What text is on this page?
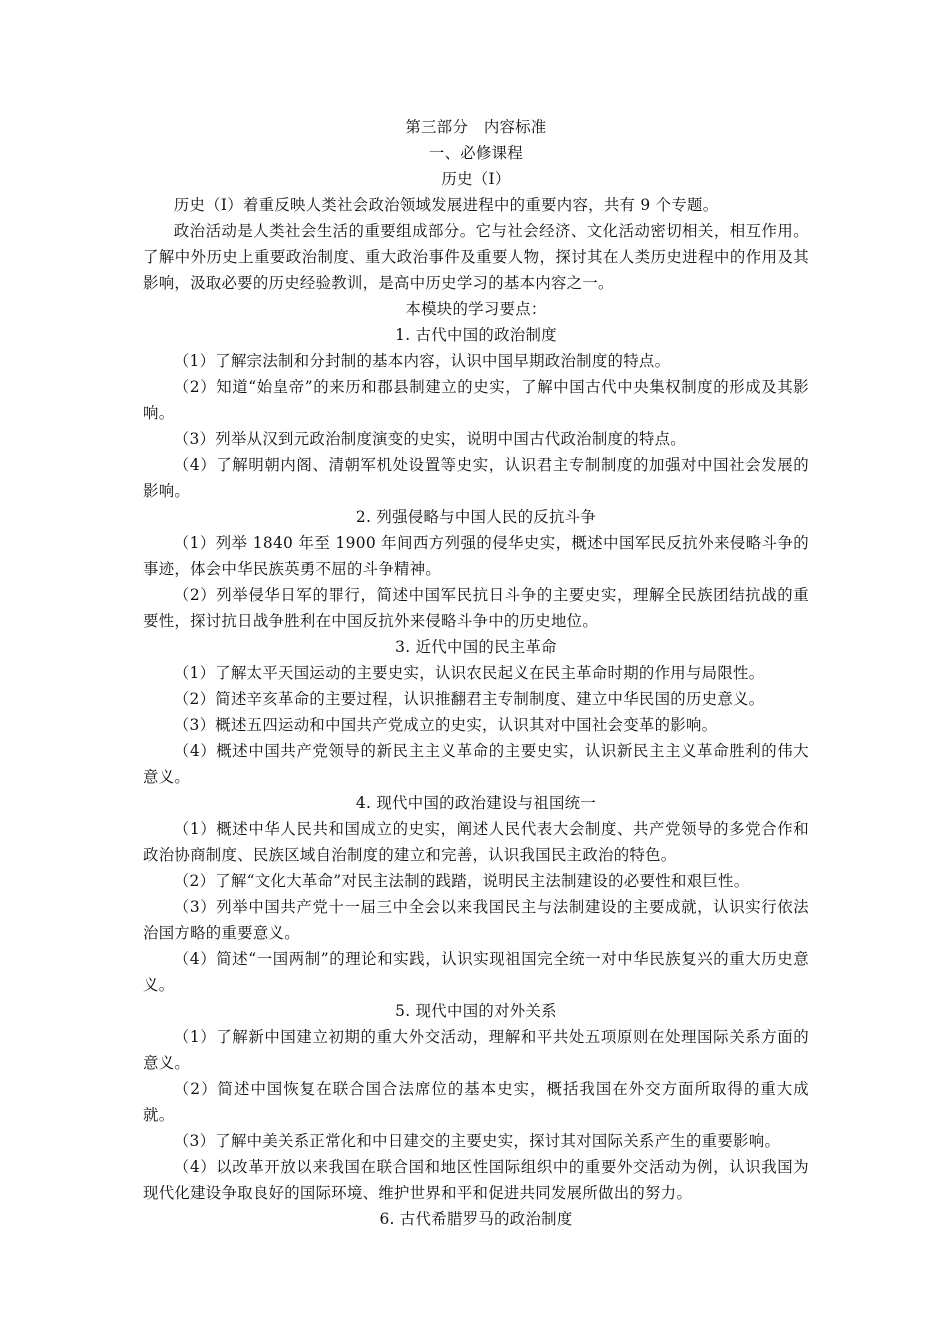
第三部分　内容标准

一、必修课程

历史（Ⅰ）

历史（Ⅰ）着重反映人类社会政治领域发展进程中的重要内容，共有 9 个专题。

政治活动是人类社会生活的重要组成部分。它与社会经济、文化活动密切相关，相互作用。了解中外历史上重要政治制度、重大政治事件及重要人物，探讨其在人类历史进程中的作用及其影响，汲取必要的历史经验教训，是高中历史学习的基本内容之一。

本模块的学习要点：

1. 古代中国的政治制度

（1）了解宗法制和分封制的基本内容，认识中国早期政治制度的特点。

（2）知道“始皇帝”的来历和郡县制建立的史实，了解中国古代中央集权制度的形成及其影响。

（3）列举从汉到元政治制度演变的史实，说明中国古代政治制度的特点。

（4）了解明朝内阁、清朝军机处设置等史实，认识君主专制制度的加强对中国社会发展的影响。

2. 列强侵略与中国人民的反抗斗争

（1）列举 1840 年至 1900 年间西方列强的侵华史实，概述中国军民反抗外来侵略斗争的事迹，体会中华民族英勇不屈的斗争精神。

（2）列举侵华日军的罪行，简述中国军民抗日斗争的主要史实，理解全民族团结抗战的重要性，探讨抗日战争胜利在中国反抗外来侵略斗争中的历史地位。

3. 近代中国的民主革命

（1）了解太平天国运动的主要史实，认识农民起义在民主革命时期的作用与局限性。

（2）简述辛亥革命的主要过程，认识推翻君主专制制度、建立中华民国的历史意义。

（3）概述五四运动和中国共产党成立的史实，认识其对中国社会变革的影响。

（4）概述中国共产党领导的新民主主义革命的主要史实，认识新民主主义革命胜利的伟大意义。

4. 现代中国的政治建设与祖国统一

（1）概述中华人民共和国成立的史实，阐述人民代表大会制度、共产党领导的多党合作和政治协商制度、民族区域自治制度的建立和完善，认识我国民主政治的特色。

（2）了解“文化大革命”对民主法制的践踏，说明民主法制建设的必要性和艰巨性。

（3）列举中国共产党十一届三中全会以来我国民主与法制建设的主要成就，认识实行依法治国方略的重要意义。

（4）简述“一国两制”的理论和实践，认识实现祖国完全统一对中华民族复兴的重大历史意义。

5. 现代中国的对外关系

（1）了解新中国建立初期的重大外交活动，理解和平共处五项原则在处理国际关系方面的意义。

（2）简述中国恢复在联合国合法席位的基本史实，概括我国在外交方面所取得的重大成就。

（3）了解中美关系正常化和中日建交的主要史实，探讨其对国际关系产生的重要影响。

（4）以改革开放以来我国在联合国和地区性国际组织中的重要外交活动为例，认识我国为现代化建设争取良好的国际环境、维护世界和平和促进共同发展所做出的努力。

6. 古代希腊罗马的政治制度
